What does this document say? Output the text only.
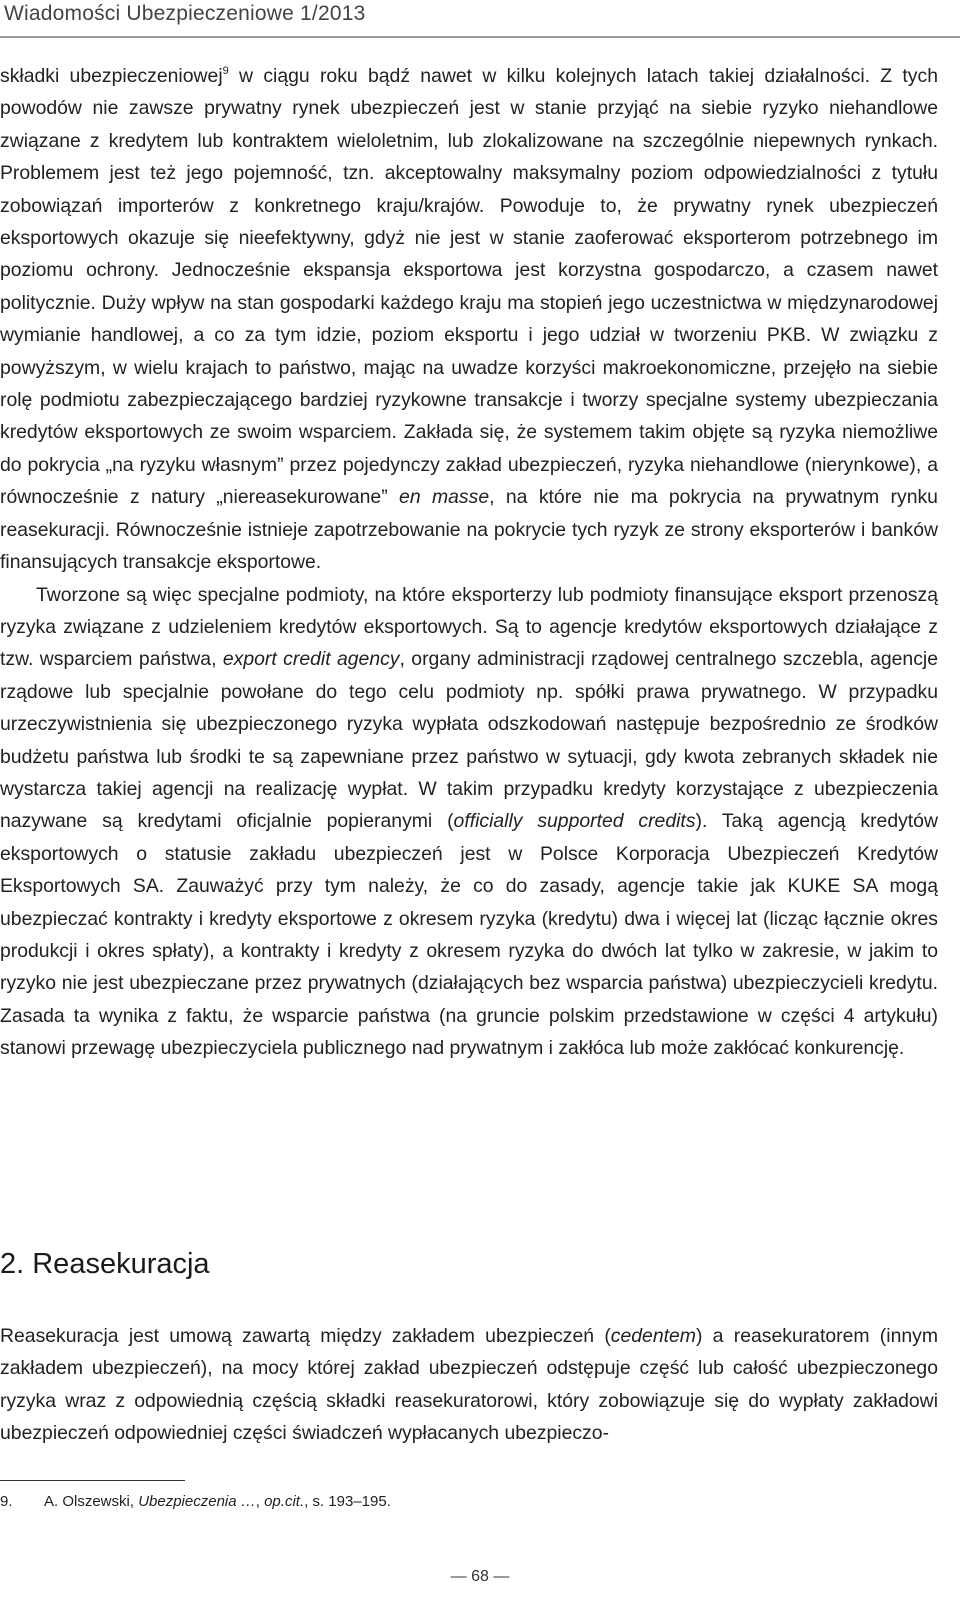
Wiadomości Ubezpieczeniowe 1/2013

składki ubezpieczeniowej$^9$ w ciągu roku bądź nawet w kilku kolejnych latach takiej działalności. Z tych powodów nie zawsze prywatny rynek ubezpieczeń jest w stanie przyjąć na siebie ryzyko niehandlowe związane z kredytem lub kontraktem wieloletnim, lub zlokalizowane na szczególnie niepewnych rynkach. Problemem jest też jego pojemność, tzn. akceptowalny maksymalny poziom odpowiedzialności z tytułu zobowiązań importerów z konkretnego kraju/krajów. Powoduje to, że prywatny rynek ubezpieczeń eksportowych okazuje się nieefektywny, gdyż nie jest w stanie zaoferować eksporterom potrzebnego im poziomu ochrony. Jednocześnie ekspansja eksportowa jest korzystna gospodarczo, a czasem nawet politycznie. Duży wpływ na stan gospodarki każdego kraju ma stopień jego uczestnictwa w międzynarodowej wymianie handlowej, a co za tym idzie, poziom eksportu i jego udział w tworzeniu PKB. W związku z powyższym, w wielu krajach to państwo, mając na uwadze korzyści makroekonomiczne, przejęło na siebie rolę podmiotu zabezpieczającego bardziej ryzykowne transakcje i tworzy specjalne systemy ubezpieczania kredytów eksportowych ze swoim wsparciem. Zakłada się, że systemem takim objęte są ryzyka niemożliwe do pokrycia „na ryzyku własnym” przez pojedynczy zakład ubezpieczeń, ryzyka niehandlowe (nierynkowe), a równocześnie z natury „niereasekurowane” en masse, na które nie ma pokrycia na prywatnym rynku reasekuracji. Równocześnie istnieje zapotrzebowanie na pokrycie tych ryzyk ze strony eksporterów i banków finansujących transakcje eksportowe.

Tworzone są więc specjalne podmioty, na które eksporterzy lub podmioty finansujące eksport przenoszą ryzyka związane z udzieleniem kredytów eksportowych. Są to agencje kredytów eksportowych działające z tzw. wsparciem państwa, export credit agency, organy administracji rządowej centralnego szczebla, agencje rządowe lub specjalnie powołane do tego celu podmioty np. spółki prawa prywatnego. W przypadku urzeczywistnienia się ubezpieczonego ryzyka wypłata odszkodowań następuje bezpośrednio ze środków budżetu państwa lub środki te są zapewniane przez państwo w sytuacji, gdy kwota zebranych składek nie wystarcza takiej agencji na realizację wypłat. W takim przypadku kredyty korzystające z ubezpieczenia nazywane są kredytami oficjalnie popieranymi (officially supported credits). Taką agencją kredytów eksportowych o statusie zakładu ubezpieczeń jest w Polsce Korporacja Ubezpieczeń Kredytów Eksportowych SA. Zauważyć przy tym należy, że co do zasady, agencje takie jak KUKE SA mogą ubezpieczać kontrakty i kredyty eksportowe z okresem ryzyka (kredytu) dwa i więcej lat (licząc łącznie okres produkcji i okres spłaty), a kontrakty i kredyty z okresem ryzyka do dwóch lat tylko w zakresie, w jakim to ryzyko nie jest ubezpieczane przez prywatnych (działających bez wsparcia państwa) ubezpieczycieli kredytu. Zasada ta wynika z faktu, że wsparcie państwa (na gruncie polskim przedstawione w części 4 artykułu) stanowi przewagę ubezpieczyciela publicznego nad prywatnym i zakłóca lub może zakłócać konkurencję.

2. Reasekuracja

Reasekuracja jest umową zawartą między zakładem ubezpieczeń (cedentem) a reasekuratorem (innym zakładem ubezpieczeń), na mocy której zakład ubezpieczeń odstępuje część lub całość ubezpieczonego ryzyka wraz z odpowiednią częścią składki reasekuratorowi, który zobowiązuje się do wypłaty zakładowi ubezpieczeń odpowiedniej części świadczeń wypłacanych ubezpieczo-

9. A. Olszewski, Ubezpieczenia …, op.cit., s. 193–195.
— 68 —
